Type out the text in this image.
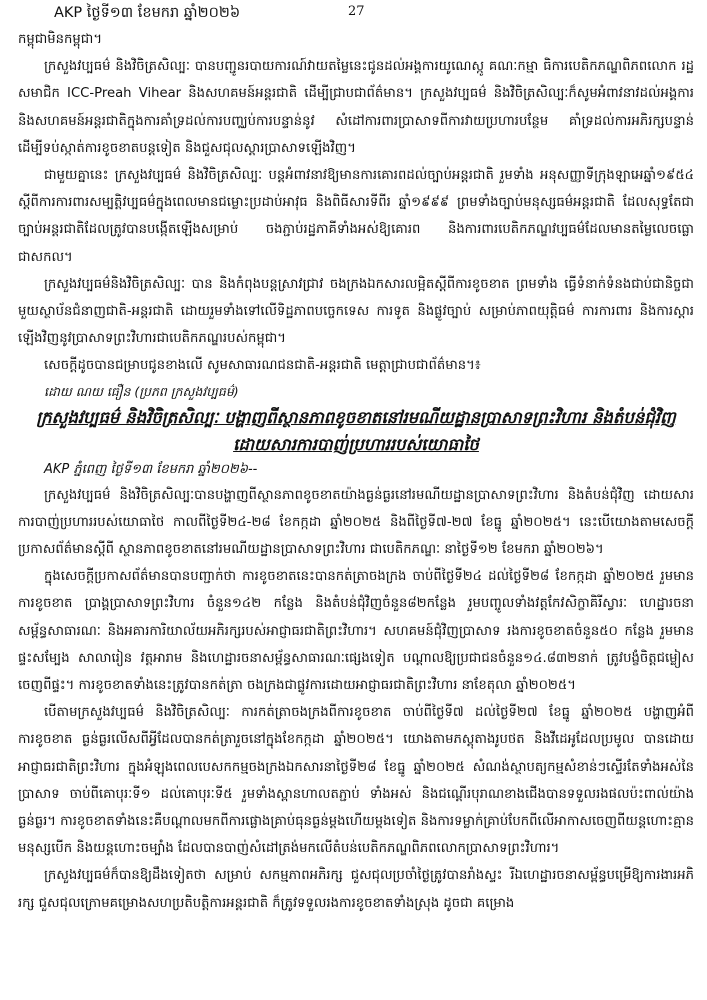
AKP ថ្ងៃទី១៣ ខែមករា ឆ្នាំ២០២៦	27

កម្ពុជាមិនកម្ពុជា។

ក្រសួងវប្បធម៌ និងវិចិត្រសិល្បៈ បានបញ្ជូនរបាយការណ៍វាយតម្លៃនេះជូនដល់អង្គការយូណេស្កូ គណៈកម្មា ធិការបេតិកភណ្ឌពិភពលោក រដ្ឋសមាជិក ICC-Preah Vihear និងសហគមន៍អន្តរជាតិ ដើម្បីជ្រាបជាព័ត៌មាន។ ក្រសួងវប្បធម៌ និងវិចិត្រសិល្បៈក៏សូមអំពាវនាវដល់អង្គការ និងសហគមន៍អន្តរជាតិក្នុងការគាំទ្រដល់ការបញ្ឈប់ការបន្ទាន់នូវ សំដៅការពារប្រាសាទពីការវាយប្រហារបន្ថែម គាំទ្រដល់ការអភិរក្សបន្ទាន់ដើម្បីទប់ស្កាត់ការខូចខាតបន្តទៀត និងជួសជុលស្តារប្រាសាទឡើងវិញ។

ជាមួយគ្នានេះ ក្រសួងវប្បធម៌ និងវិចិត្រសិល្បៈ បន្តអំពាវនាវឱ្យមានការគោរពដល់ច្បាប់អន្តរជាតិ រួមទាំង អនុសញ្ញាទីក្រុងឡាអេឆ្នាំ១៩៥៤ ស្តីពីការការពារសម្បត្តិវប្បធម៌ក្នុងពេលមានជម្លោះប្រដាប់អាវុធ និងពិធីសារទីពីរ ឆ្នាំ១៩៩៩ ព្រមទាំងច្បាប់មនុស្សធម៌អន្តរជាតិ ដែលសុទ្ធតែជាច្បាប់អន្តរជាតិដែលត្រូវបានបង្កើតឡើងសម្រាប់ ចងភ្ជាប់រដ្ឋភាគីទាំងអស់ឱ្យគោរព និងការពារបេតិកភណ្ឌវប្បធម៌ដែលមានតម្លៃលេចធ្លោជាសកល។

ក្រសួងវប្បធម៌និងវិចិត្រសិល្បៈ បាន និងកំពុងបន្តស្រាវជ្រាវ ចងក្រងឯកសារលម្អិតស្តីពីការខូចខាត ព្រមទាំង ធ្វើទំនាក់ទំនងជាប់ជានិច្ចជាមួយស្ថាប័នជំនាញជាតិ-អន្តរជាតិ ដោយរួមទាំងទៅលើទិដ្ឋភាពបច្ចេកទេស ការទូត និងផ្លូវច្បាប់ សម្រាប់ភាពយុត្តិធម៌ ការការពារ និងការស្តារឡើងវិញនូវប្រាសាទព្រះវិហារជាបេតិកភណ្ឌរបស់កម្ពុជា។

សេចក្តីដូចបានជម្រាបជូនខាងលើ សូមសាធារណជនជាតិ-អន្តរជាតិ មេត្តាជ្រាបជាព័ត៌មាន។៖

ដោយ ណយ ធឿន (ប្រភព ក្រសួងវប្បធម៌)

ក្រសួងវប្បធម៌ និងវិចិត្រសិល្បៈ បង្ហាញពីស្ថានភាពខូចខាតនៅរមណីយដ្ឋានប្រាសាទព្រះវិហារ និងតំបន់ជុំវិញដោយសារការបាញ់ប្រហាររបស់យោធាថៃ

AKP ភ្នំពេញ ថ្ងៃទី១៣ ខែមករា ឆ្នាំ២០២៦--

ក្រសួងវប្បធម៌ និងវិចិត្រសិល្បៈបានបង្ហាញពីស្ថានភាពខូចខាតយ៉ាងធ្ងន់ធ្ងរនៅរមណីយដ្ឋានប្រាសាទព្រះវិហារ និងតំបន់ជុំវិញ ដោយសារការបាញ់ប្រហាររបស់យោធាថៃ កាលពីថ្ងៃទី២៤-២៨ ខែកក្កដា ឆ្នាំ២០២៥ និងពីថ្ងៃទី៧-២៧ ខែធ្នូ ឆ្នាំ២០២៥។ នេះបើយោងតាមសេចក្តីប្រកាសព័ត៌មានស្តីពី ស្ថានភាពខូចខាតនៅរមណីយដ្ឋានប្រាសាទព្រះវិហារ ជាបេតិកភណ្ឌៈ នាថ្ងៃទី១២ ខែមករា ឆ្នាំ២០២៦។

ក្នុងសេចក្តីប្រកាសព័ត៌មានបានបញ្ជាក់ថា ការខូចខាតនេះបានកត់ត្រាចងក្រង ចាប់ពីថ្ងៃទី២៤ ដល់ថ្ងៃទី២៨ ខែកក្កដា ឆ្នាំ២០២៥ រួមមានការខូចខាត ប្រាង្គប្រាសាទព្រះវិហារ ចំនួន១៤២ កន្លែង និងតំបន់ជុំវិញចំនួន៨២កន្លែង រួមបញ្ចូលទាំងវត្តកែវសិក្ខាគិរីស្វារៈ ហេដ្ឋារចនាសម្ព័ន្ធសាធារណៈ និងអគារការិយាល័យអភិរក្សរបស់អាជ្ញាធរជាតិព្រះវិហារ។ សហគមន៍ជុំវិញប្រាសាទ រងការខូចខាតចំនួន៥០ កន្លែង រួមមានផ្ទះសម្បែង សាលារៀន វត្តអារាម និងហេដ្ឋារចនាសម្ព័ន្ធសាធារណៈផ្សេងទៀត បណ្តាលឱ្យប្រជាជនចំនួន១៤.៨៣២នាក់ ត្រូវបង្ខំចិត្តជម្លៀសចេញពីផ្ទះ។ ការខូចខាតទាំងនេះត្រូវបានកត់ត្រា ចងក្រងជាផ្លូវការដោយអាជ្ញាធរជាតិព្រះវិហារ នាខែតុលា ឆ្នាំ២០២៥។

បើតាមក្រសួងវប្បធម៌ និងវិចិត្រសិល្បៈ ការកត់ត្រាចងក្រងពីការខូចខាត ចាប់ពីថ្ងៃទី៧ ដល់ថ្ងៃទី២៧ ខែធ្នូ ឆ្នាំ២០២៥ បង្ហាញអំពីការខូចខាត ធ្ងន់ធ្ងរលើសពីអ្វីដែលបានកត់ត្រារួចនៅក្នុងខែកក្កដា ឆ្នាំ២០២៥។ យោងតាមភស្តុតាងរូបថត និងវីដេអូដែលប្រមូល បានដោយអាជ្ញាធរជាតិព្រះវិហារ ក្នុងអំឡុងពេលបេសកកម្មចងក្រងឯកសារនាថ្ងៃទី២៨ ខែធ្នូ ឆ្នាំ២០២៥ សំណង់ស្ថាបត្យកម្មសំខាន់ៗស្ទើរតែទាំងអស់នៃប្រាសាទ ចាប់ពីគោបុរៈទី១ ដល់គោបុរៈទី៥ រួមទាំងស្ពានហាលតភ្ជាប់ ទាំងអស់ និងជណ្តើរបុរាណខាងជើងបានទទួលរងផលប៉ះពាល់យ៉ាងធ្ងន់ធ្ងរ។ ការខូចខាតទាំងនេះគឺបណ្តាលមកពីការផ្លោងគ្រាប់ធុនធ្ងន់ម្តងហើយម្តងទៀត និងការទម្លាក់គ្រាប់បែកពីលើអាកាសចេញពីយន្តហោះគ្មានមនុស្សបើក និងយន្តហោះចម្បាំង ដែលបានបាញ់សំដៅត្រង់មកលើតំបន់បេតិកភណ្ឌពិភពលោកប្រាសាទព្រះវិហារ។

ក្រសួងវប្បធម៌ក៏បានឱ្យដឹងទៀតថា សម្រាប់ សកម្មភាពអភិរក្ស ជួសជុលប្រចាំថ្ងៃត្រូវបានរាំងស្ទះ រីឯហេដ្ឋារចនាសម្ព័ន្ធបម្រើឱ្យការងារអភិរក្ស ជួសជុលក្រោមគម្រោងសហប្រតិបត្តិការអន្តរជាតិ ក៏ត្រូវទទួលរងការខូចខាតទាំងស្រុង ដូចជា គម្រោង
